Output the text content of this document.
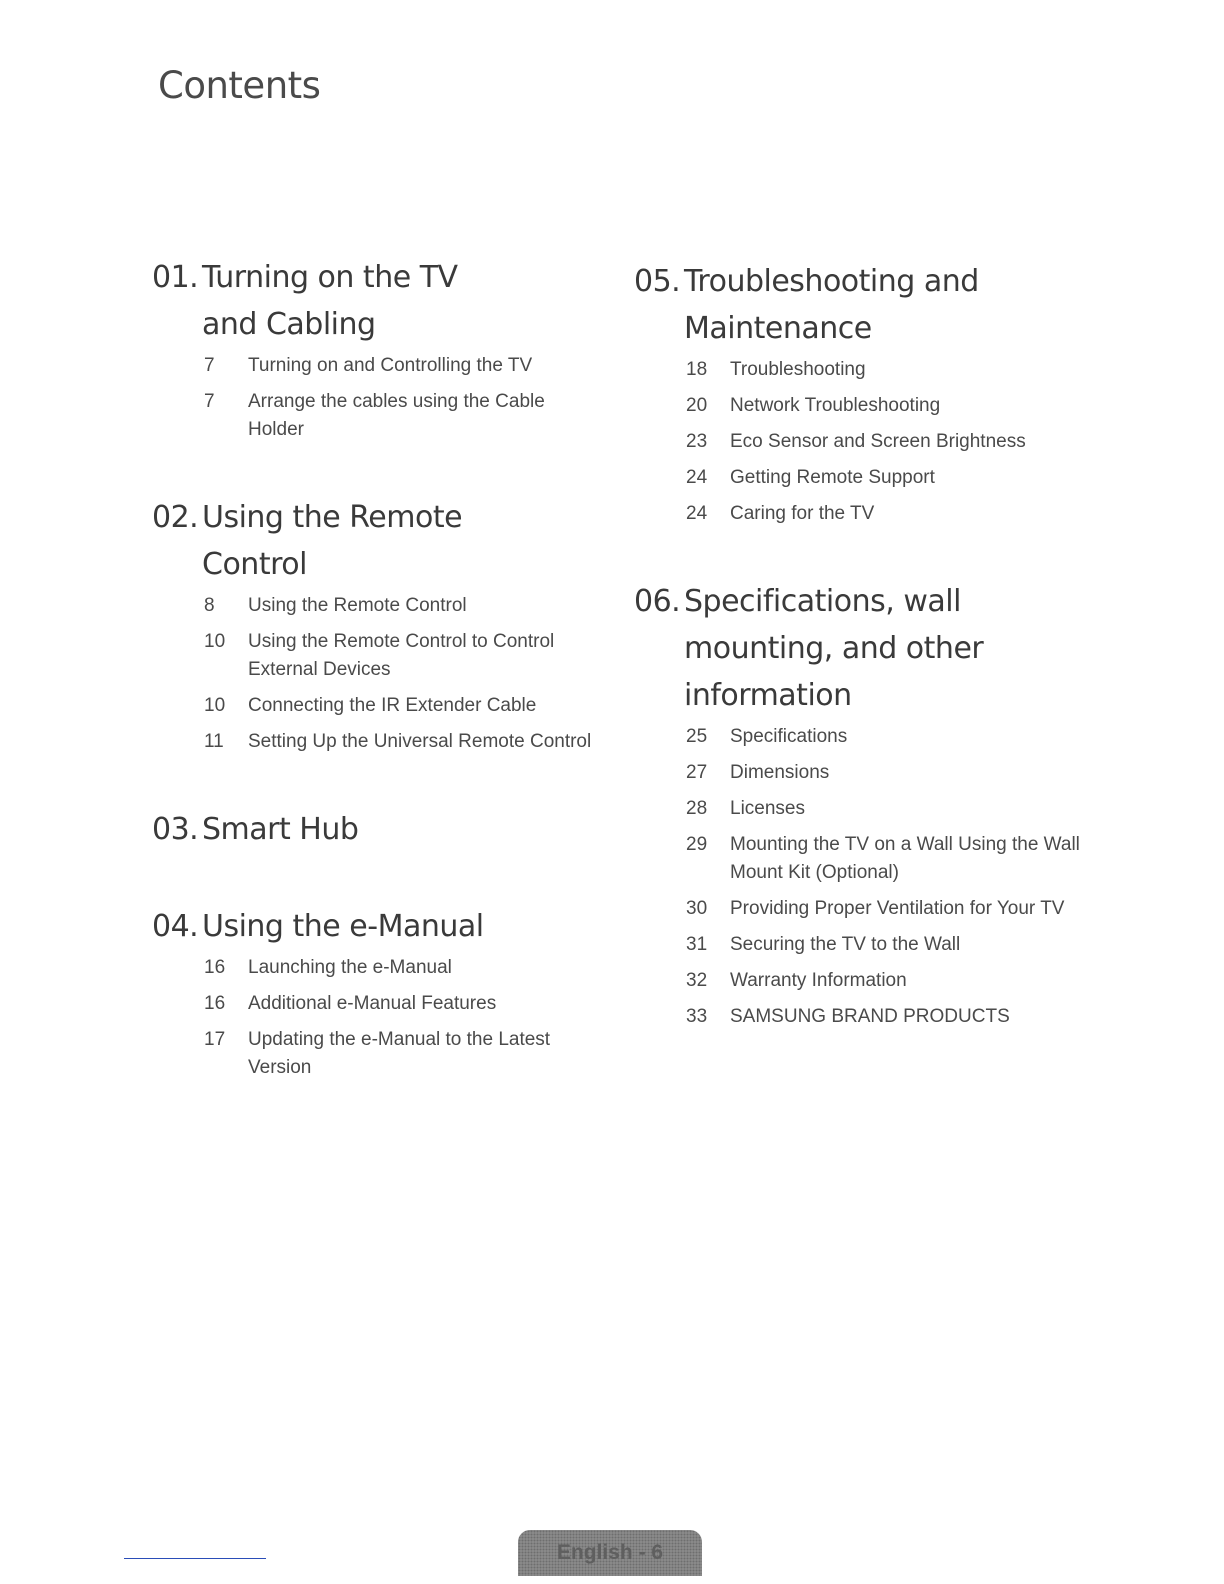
Contents
01. Turning on the TV and Cabling
7	Turning on and Controlling the TV
7	Arrange the cables using the Cable Holder
02. Using the Remote Control
8	Using the Remote Control
10	Using the Remote Control to Control External Devices
10	Connecting the IR Extender Cable
11	Setting Up the Universal Remote Control
03. Smart Hub
04. Using the e-Manual
16	Launching the e-Manual
16	Additional e-Manual Features
17	Updating the e-Manual to the Latest Version
05. Troubleshooting and Maintenance
18	Troubleshooting
20	Network Troubleshooting
23	Eco Sensor and Screen Brightness
24	Getting Remote Support
24	Caring for the TV
06. Specifications, wall mounting, and other information
25	Specifications
27	Dimensions
28	Licenses
29	Mounting the TV on a Wall Using the Wall Mount Kit (Optional)
30	Providing Proper Ventilation for Your TV
31	Securing the TV to the Wall
32	Warranty Information
33	SAMSUNG BRAND PRODUCTS
English - 6
